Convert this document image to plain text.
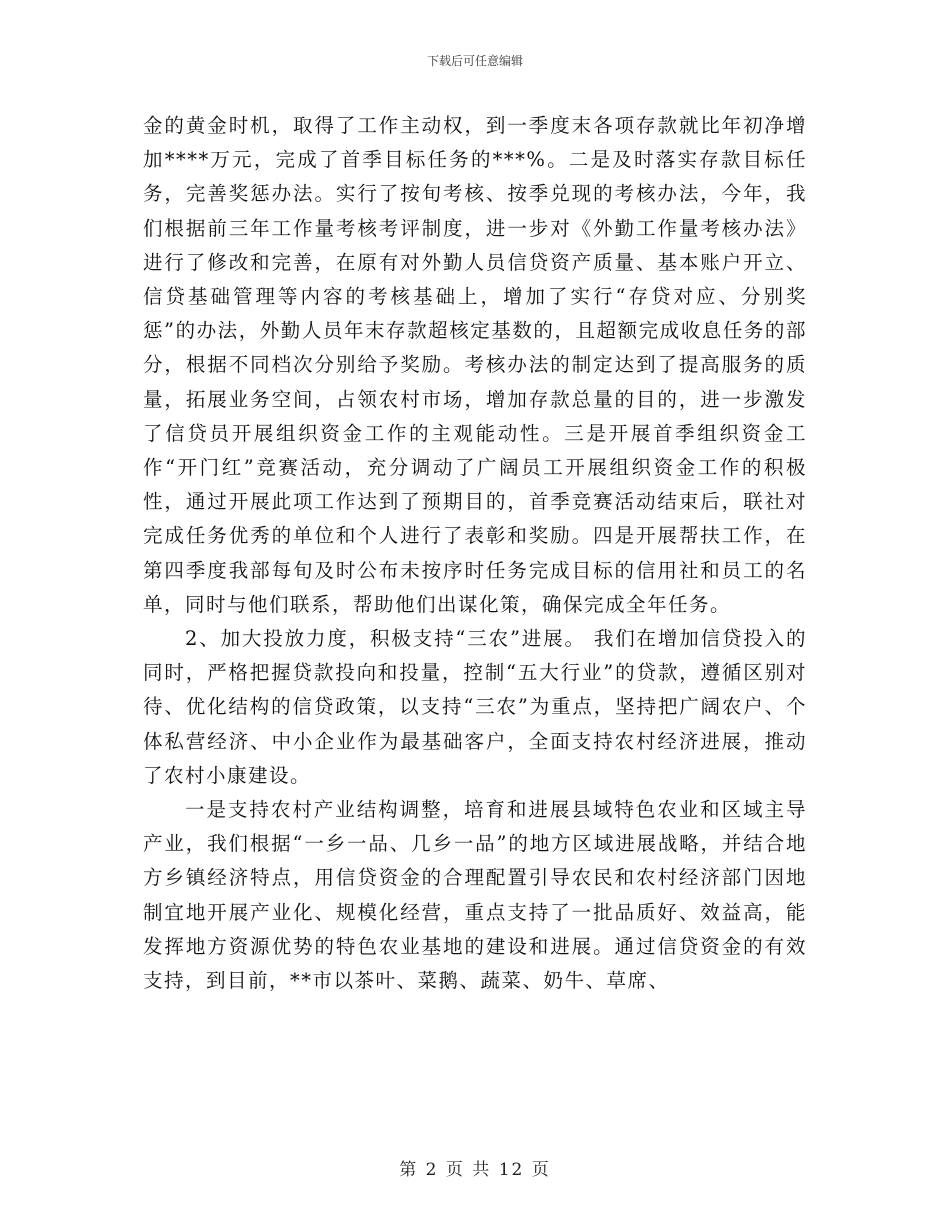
下载后可任意编辑

金的黄金时机，取得了工作主动权，到一季度末各项存款就比年初净增加****万元，完成了首季目标任务的***%。二是及时落实存款目标任务，完善奖惩办法。实行了按旬考核、按季兑现的考核办法，今年，我们根据前三年工作量考核考评制度，进一步对《外勤工作量考核办法》进行了修改和完善，在原有对外勤人员信贷资产质量、基本账户开立、信贷基础管理等内容的考核基础上，增加了实行“存贷对应、分别奖惩”的办法，外勤人员年末存款超核定基数的，且超额完成收息任务的部分，根据不同档次分别给予奖励。考核办法的制定达到了提高服务的质量，拓展业务空间，占领农村市场，增加存款总量的目的，进一步激发了信贷员开展组织资金工作的主观能动性。三是开展首季组织资金工作“开门红”竞赛活动，充分调动了广阔员工开展组织资金工作的积极性，通过开展此项工作达到了预期目的，首季竞赛活动结束后，联社对完成任务优秀的单位和个人进行了表彰和奖励。四是开展帮扶工作，在第四季度我部每旬及时公布未按序时任务完成目标的信用社和员工的名单，同时与他们联系，帮助他们出谋化策，确保完成全年任务。

2、加大投放力度，积极支持“三农”进展。 我们在增加信贷投入的同时，严格把握贷款投向和投量，控制“五大行业”的贷款，遵循区别对待、优化结构的信贷政策，以支持“三农”为重点，坚持把广阔农户、个体私营经济、中小企业作为最基础客户，全面支持农村经济进展，推动了农村小康建设。

一是支持农村产业结构调整，培育和进展县域特色农业和区域主导产业，我们根据“一乡一品、几乡一品”的地方区域进展战略，并结合地方乡镇经济特点，用信贷资金的合理配置引导农民和农村经济部门因地制宜地开展产业化、规模化经营，重点支持了一批品质好、效益高，能发挥地方资源优势的特色农业基地的建设和进展。通过信贷资金的有效支持，到目前，**市以茶叶、菜鹅、蔬菜、奶牛、草席、

第 2 页 共 12 页
